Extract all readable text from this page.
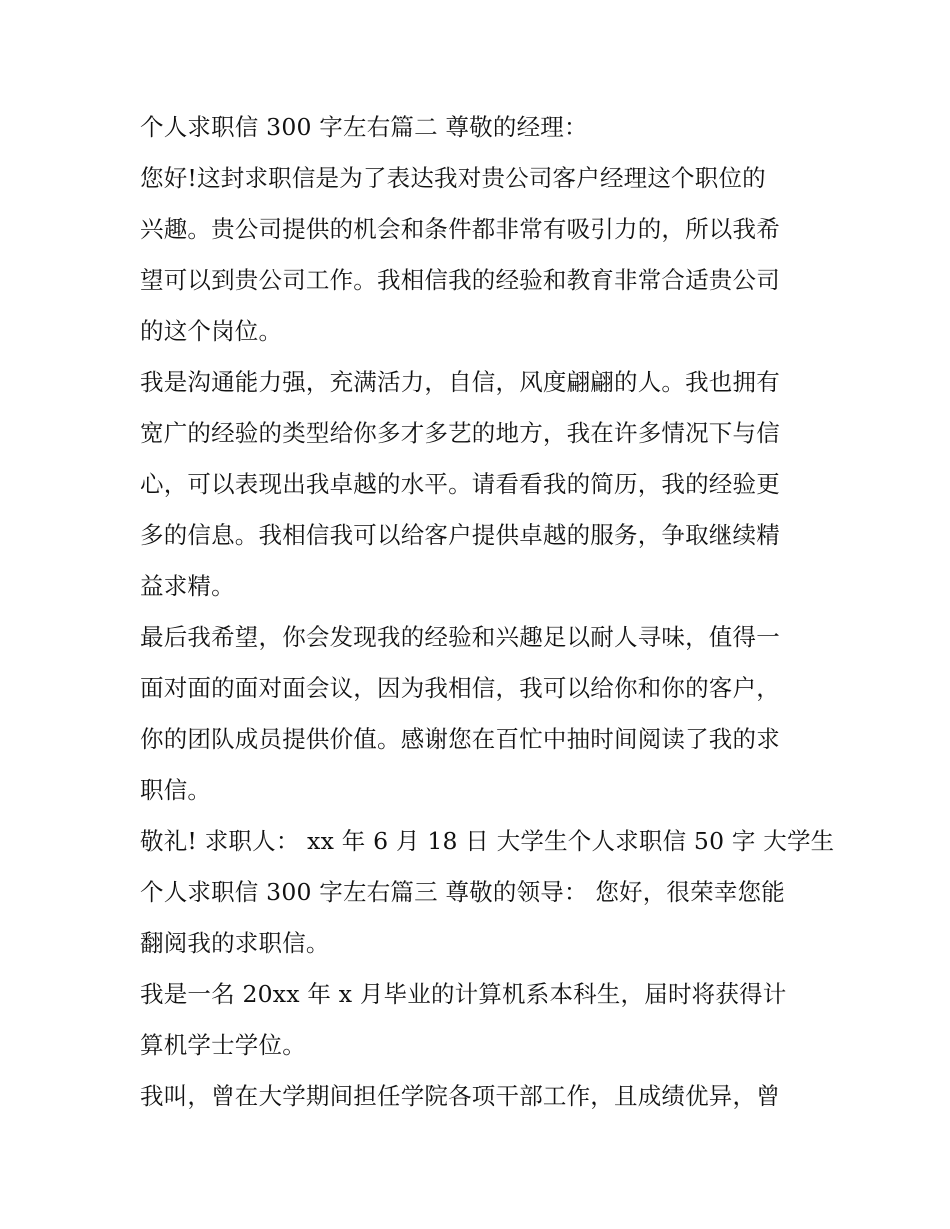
个人求职信 300 字左右篇二 尊敬的经理：
您好!这封求职信是为了表达我对贵公司客户经理这个职位的
兴趣。贵公司提供的机会和条件都非常有吸引力的，所以我希
望可以到贵公司工作。我相信我的经验和教育非常合适贵公司
的这个岗位。
我是沟通能力强，充满活力，自信，风度翩翩的人。我也拥有
宽广的经验的类型给你多才多艺的地方，我在许多情况下与信
心，可以表现出我卓越的水平。请看看我的简历，我的经验更
多的信息。我相信我可以给客户提供卓越的服务，争取继续精
益求精。
最后我希望，你会发现我的经验和兴趣足以耐人寻味，值得一
面对面的面对面会议，因为我相信，我可以给你和你的客户，
你的团队成员提供价值。感谢您在百忙中抽时间阅读了我的求
职信。
敬礼! 求职人： xx 年 6 月 18 日 大学生个人求职信 50 字 大学生
个人求职信 300 字左右篇三 尊敬的领导： 您好，很荣幸您能
翻阅我的求职信。
我是一名 20xx 年 x 月毕业的计算机系本科生，届时将获得计
算机学士学位。
我叫，曾在大学期间担任学院各项干部工作，且成绩优异，曾
